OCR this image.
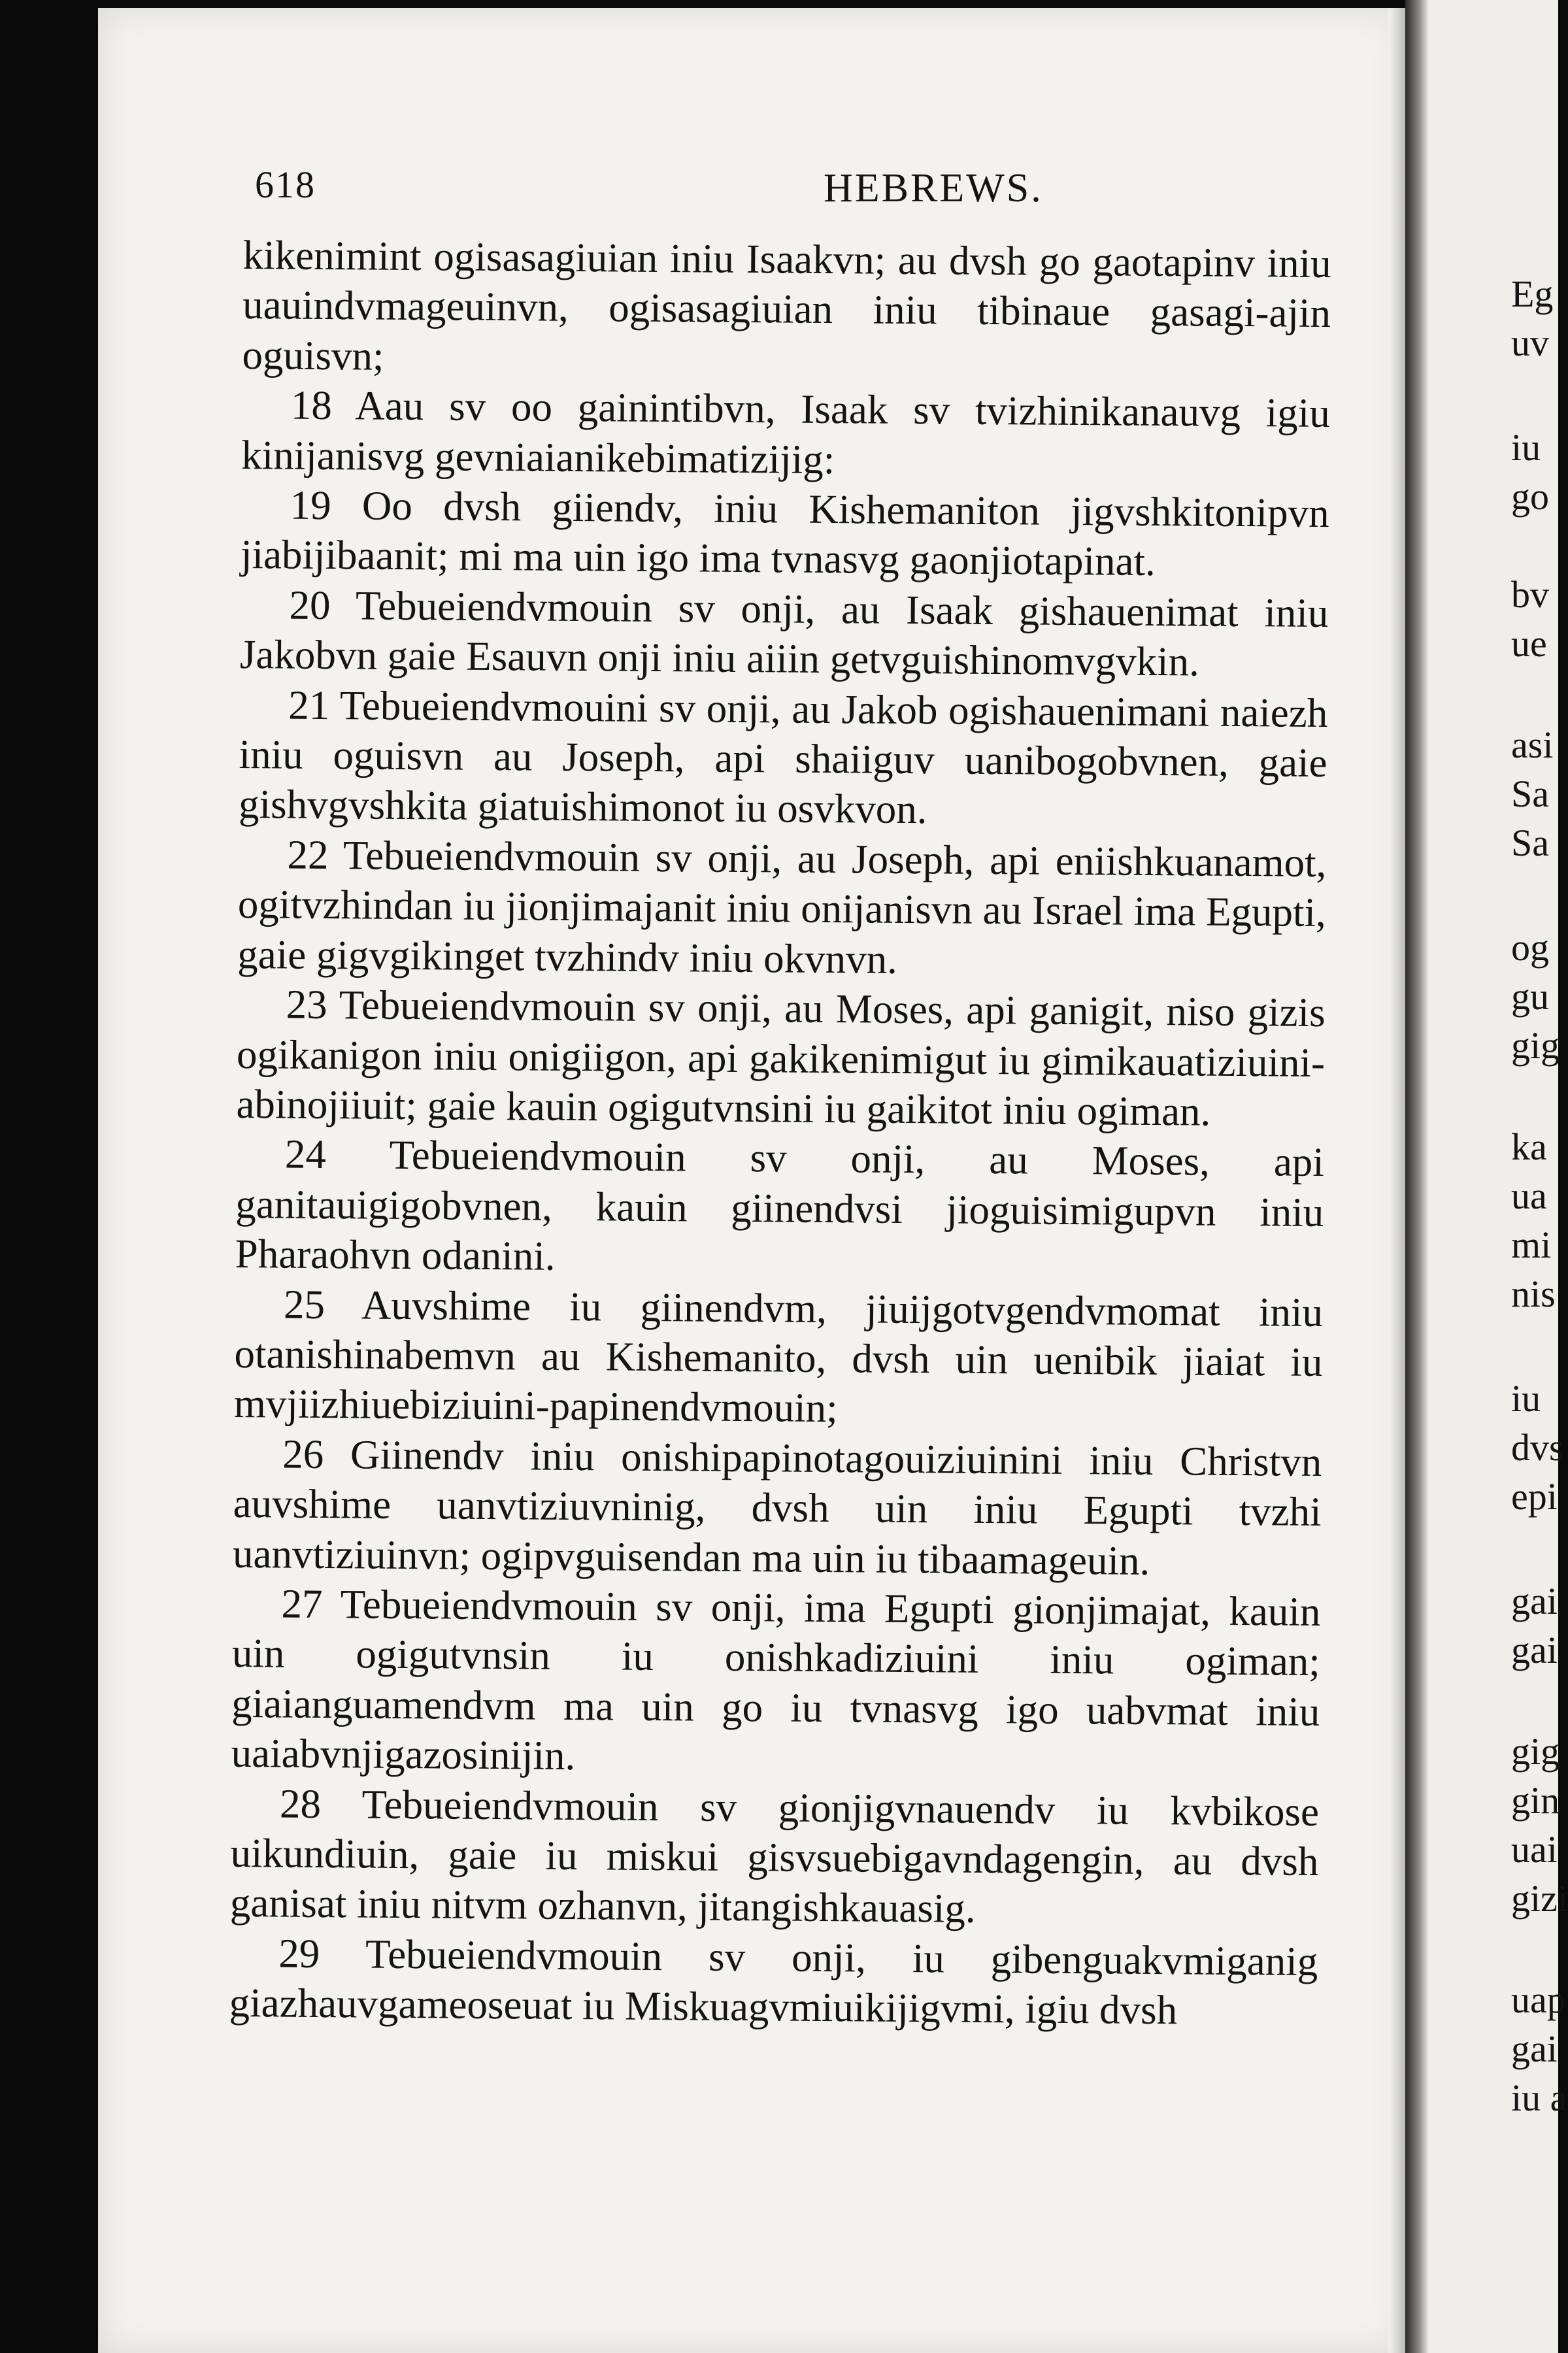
618	HEBREWS.

kikenimint ogisasagiuian iniu Isaakvn; au dvsh go gaotapinv iniu uauindvmageuinvn, ogisasagiuian iniu tibinaue gasagi-ajin oguisvn;

18 Aau sv oo gainintibvn, Isaak sv tvizhinikanauvg igiu kinijanisvg gevniaianikebimatizijig:

19 Oo dvsh giiendv, iniu Kishemaniton jigvshkitonipvn jiabijibaanit; mi ma uin igo ima tvnasvg gaonjiotapinat.

20 Tebueiendvmouin sv onji, au Isaak gishauenimat iniu Jakobvn gaie Esauvn onji iniu aiiin getvguishinomvgvkin.

21 Tebueiendvmouini sv onji, au Jakob ogishauenimani naiezh iniu oguisvn au Joseph, api shaiiguv uanibogobvnen, gaie gishvgvshkita giatuishimonot iu osvkvon.

22 Tebueiendvmouin sv onji, au Joseph, api eniishkuanamot, ogitvzhindan iu jionjimajanit iniu onijanisvn au Israel ima Egupti, gaie gigvgikinget tvzhindv iniu okvnvn.

23 Tebueiendvmouin sv onji, au Moses, api ganigit, niso gizis ogikanigon iniu onigiigon, api gakikenimigut iu gimikauatiziuini-abinojiiuit; gaie kauin ogigutvnsini iu gaikitot iniu ogiman.

24 Tebueiendvmouin sv onji, au Moses, api ganitauigigobvnen, kauin giinendvsi jioguisimigupvn iniu Pharaohvn odanini.

25 Auvshime iu giinendvm, jiuijgotvgendvmomat iniu otanishinabemvn au Kishemanito, dvsh uin uenibik jiaiat iu mvjiizhiuebiziuini-papinendvmouin;

26 Giinendv iniu onishipapinotagouiziuinini iniu Christvn auvshime uanvtiziuvninig, dvsh uin iniu Egupti tvzhi uanvtiziuinvn; ogipvguisendan ma uin iu tibaamageuin.

27 Tebueiendvmouin sv onji, ima Egupti gionjimajat, kauin uin ogigutvnsin iu onishkadiziuini iniu ogiman; giaianguamendvm ma uin go iu tvnasvg igo uabvmat iniu uaiabvnjigazosinijin.

28 Tebueiendvmouin sv gionjigvnauendv iu kvbikose uikundiuin, gaie iu miskui gisvsuebigavndagengin, au dvsh ganisat iniu nitvm ozhanvn, jitangishkauasig.

29 Tebueiendvmouin sv onji, iu gibenguakvmiganig giazhauvgameoseuat iu Miskuagvmiuikijigvmi, igiu dvsh

Eg
uv
iu
go
bv
ue
asi
Sa
Sa
og
gu
gig
ka
ua
mi
nis
iu
dvs
epi
gai
gai
gig
gin
uai
gizi
uap
gai
iu a
